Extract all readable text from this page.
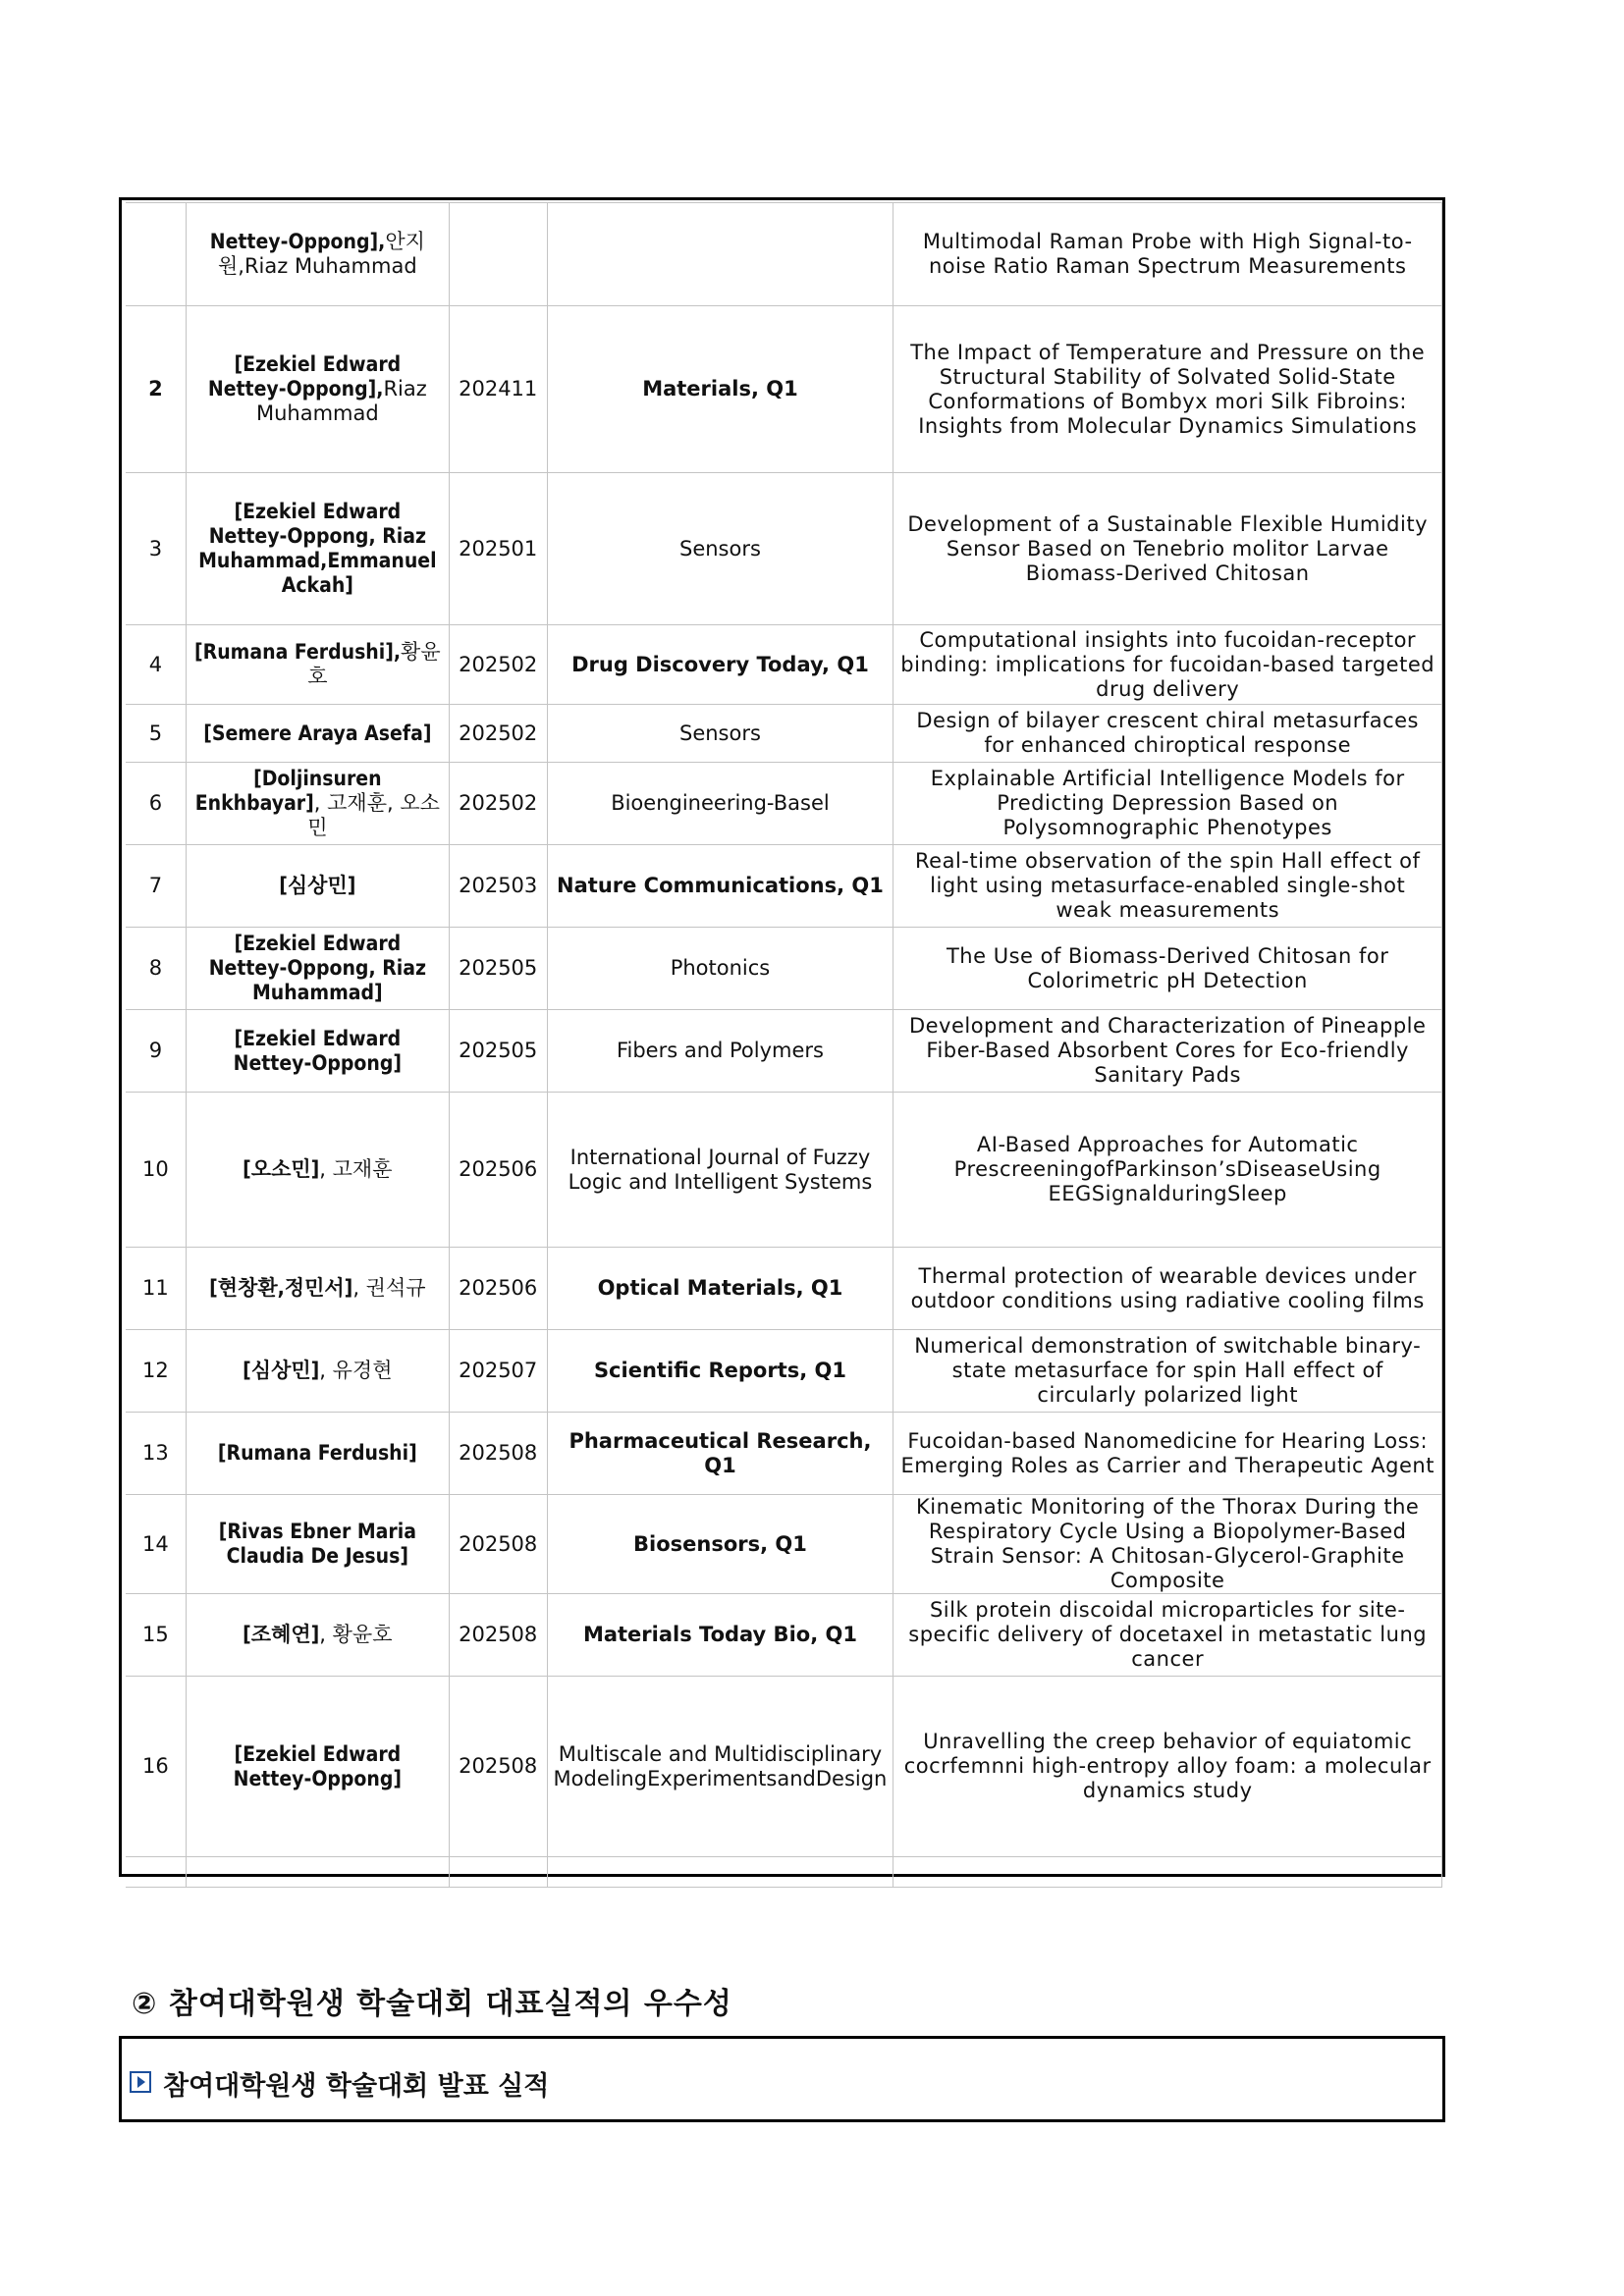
	Nettey-Oppong],안지원,Riaz Muhammad			Multimodal Raman Probe with High Signal-to-noise Ratio Raman Spectrum Measurements
2	[Ezekiel Edward Nettey-Oppong],Riaz Muhammad	202411	Materials, Q1	The Impact of Temperature and Pressure on the Structural Stability of Solvated Solid-State Conformations of Bombyx mori Silk Fibroins: Insights from Molecular Dynamics Simulations
3	[Ezekiel Edward Nettey-Oppong, Riaz Muhammad,Emmanuel Ackah]	202501	Sensors	Development of a Sustainable Flexible Humidity Sensor Based on Tenebrio molitor Larvae Biomass-Derived Chitosan
4	[Rumana Ferdushi],황윤호	202502	Drug Discovery Today, Q1	Computational insights into fucoidan-receptor binding: implications for fucoidan-based targeted drug delivery
5	[Semere Araya Asefa]	202502	Sensors	Design of bilayer crescent chiral metasurfaces for enhanced chiroptical response
6	[Doljinsuren Enkhbayar], 고재훈, 오소민	202502	Bioengineering-Basel	Explainable Artificial Intelligence Models for Predicting Depression Based on Polysomnographic Phenotypes
7	[심상민]	202503	Nature Communications, Q1	Real-time observation of the spin Hall effect of light using metasurface-enabled single-shot weak measurements
8	[Ezekiel Edward Nettey-Oppong, Riaz Muhammad]	202505	Photonics	The Use of Biomass-Derived Chitosan for Colorimetric pH Detection
9	[Ezekiel Edward Nettey-Oppong]	202505	Fibers and Polymers	Development and Characterization of Pineapple Fiber-Based Absorbent Cores for Eco-friendly Sanitary Pads
10	[오소민], 고재훈	202506	International Journal of Fuzzy Logic and Intelligent Systems	AI-Based Approaches for Automatic PrescreeningofParkinson’sDiseaseUsing EEGSignalduringSleep
11	[현창환,정민서], 권석규	202506	Optical Materials, Q1	Thermal protection of wearable devices under outdoor conditions using radiative cooling films
12	[심상민], 유경현	202507	Scientific Reports, Q1	Numerical demonstration of switchable binary-state metasurface for spin Hall effect of circularly polarized light
13	[Rumana Ferdushi]	202508	Pharmaceutical Research, Q1	Fucoidan-based Nanomedicine for Hearing Loss: Emerging Roles as Carrier and Therapeutic Agent
14	[Rivas Ebner Maria Claudia De Jesus]	202508	Biosensors, Q1	Kinematic Monitoring of the Thorax During the Respiratory Cycle Using a Biopolymer-Based Strain Sensor: A Chitosan-Glycerol-Graphite Composite
15	[조혜연], 황윤호	202508	Materials Today Bio, Q1	Silk protein discoidal microparticles for site-specific delivery of docetaxel in metastatic lung cancer
16	[Ezekiel Edward Nettey-Oppong]	202508	Multiscale and Multidisciplinary ModelingExperimentsandDesign	Unravelling the creep behavior of equiatomic cocrfemnni high-entropy alloy foam: a molecular dynamics study

② 참여대학원생 학술대회 대표실적의 우수성
참여대학원생 학술대회 발표 실적
